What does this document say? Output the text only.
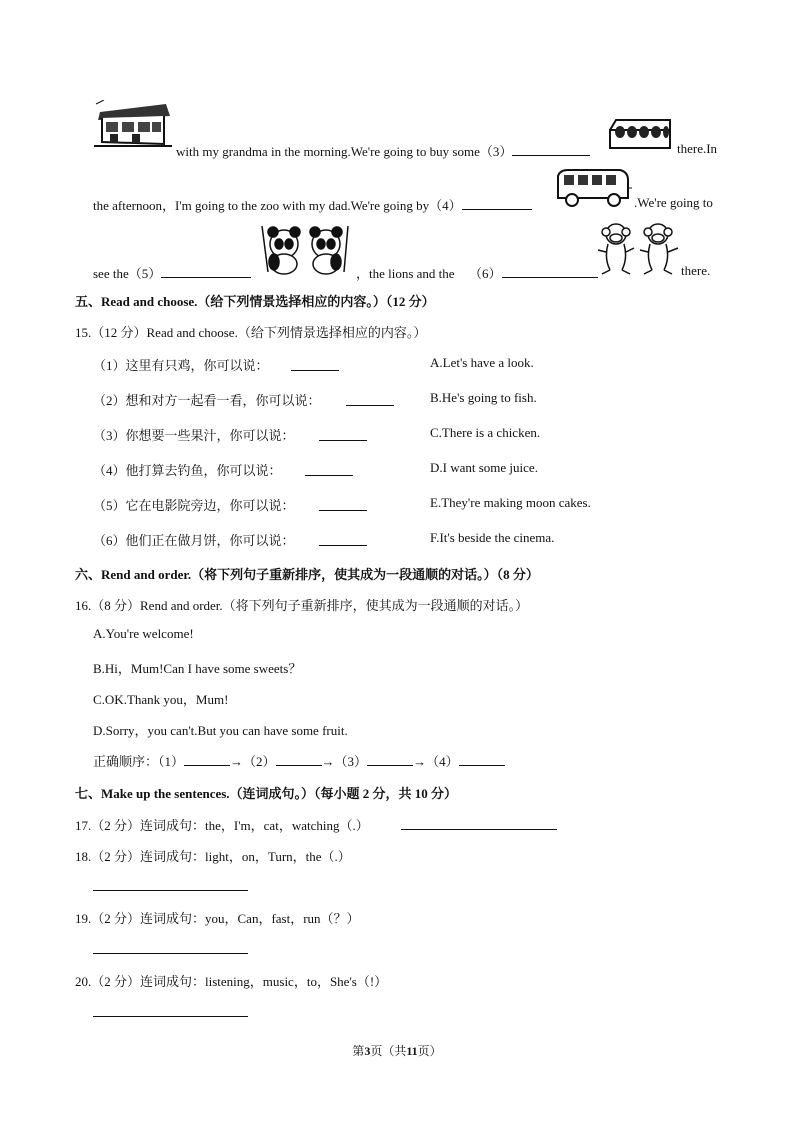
with my grandma in the morning.We're going to buy some（3）	there.In
the afternoon，I'm going to the zoo with my dad.We're going by（4）	.We're going to
see the（5）	，the lions and the （6）	there.
五、Read and choose.（给下列情景选择相应的内容。）（12 分）
15.（12 分）Read and choose.（给下列情景选择相应的内容。）
（1）这里有只鸡，你可以说：	A.Let's have a look.
（2）想和对方一起看一看，你可以说：	B.He's going to fish.
（3）你想要一些果汁，你可以说：	C.There is a chicken.
（4）他打算去钓鱼，你可以说：	D.I want some juice.
（5）它在电影院旁边，你可以说：	E.They're making moon cakes.
（6）他们正在做月饼，你可以说：	F.It's beside the cinema.
六、Rend and order.（将下列句子重新排序，使其成为一段通顺的对话。）（8 分）
16.（8 分）Rend and order.（将下列句子重新排序，使其成为一段通顺的对话。）
A.You're welcome!
B.Hi，Mum!Can I have some sweets？
C.OK.Thank you，Mum!
D.Sorry，you can't.But you can have some fruit.
正确顺序：（1）	→（2）	→（3）	→（4）
七、Make up the sentences.（连词成句。）（每小题 2 分，共 10 分）
17.（2 分）连词成句：the，I'm，cat，watching（.）
18.（2 分）连词成句：light，on，Turn，the（.）
19.（2 分）连词成句：you，Can，fast，run（？）
20.（2 分）连词成句：listening，music，to，She's（!）
第3页（共11页）
